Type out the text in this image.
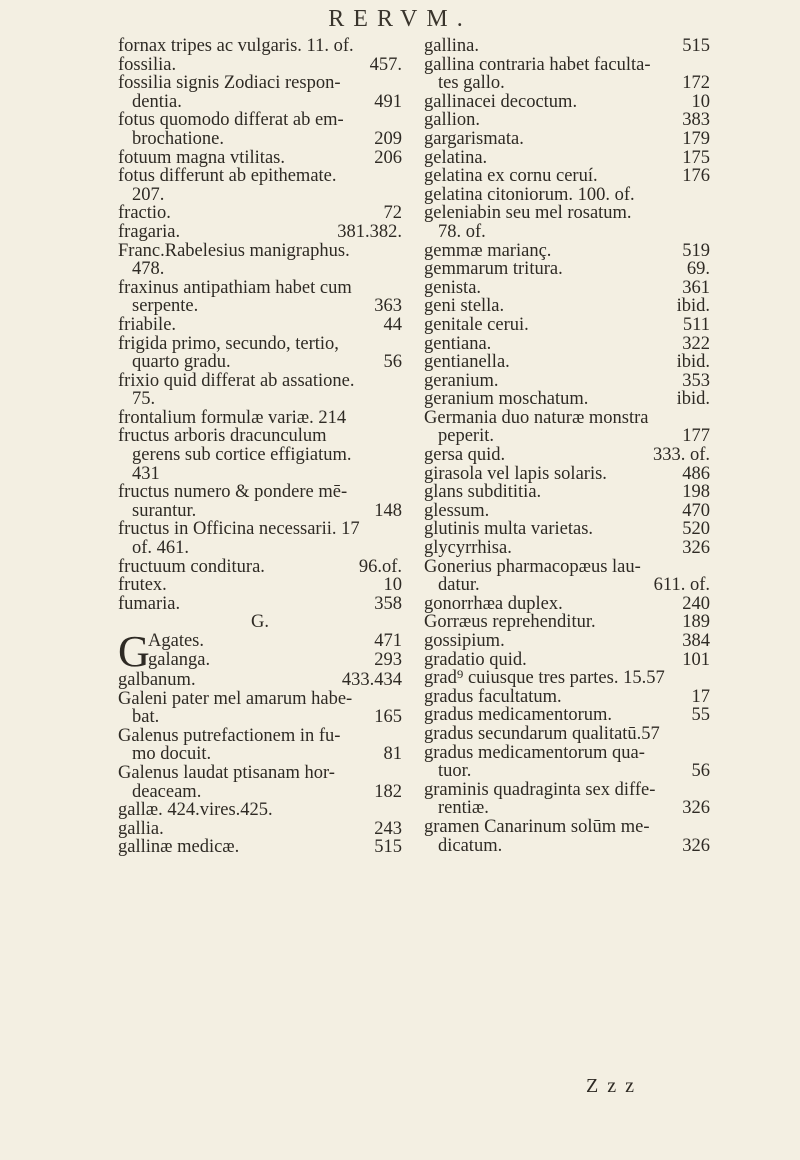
RERVM.
fornax tripes ac vulgaris. 11. of.
fossilia.	457.
fossilia signis Zodiaci respon-
dentia.	491
fotus quomodo differat ab em-
brochatione.	209
fotuum magna vtilitas.	206
fotus differunt ab epithemate.
207.
fractio.	72
fragaria.	381.382.
Franc.Rabelesius manigraphus.
478.
fraxinus antipathiam habet cum
serpente.	363
friabile.	44
frigida primo, secundo, tertio,
quarto gradu.	56
frixio quid differat ab assatione.
75.
frontalium formulæ variæ. 214
fructus arboris dracunculum
gerens sub cortice effigiatum.
431
fructus numero & pondere mē-
surantur.	148
fructus in Officina necessarii. 17
of. 461.
fructuum conditura.	96.of.
frutex.	10
fumaria.	358
G.
G
Agates.	471
galanga.	293
galbanum.	433.434
Galeni pater mel amarum habe-
bat.	165
Galenus putrefactionem in fu-
mo docuit.	81
Galenus laudat ptisanam hor-
deaceam.	182
gallæ. 424.vires.425.
gallia.	243
gallinæ medicæ.	515
gallina.	515
gallina contraria habet faculta-
tes gallo.	172
gallinacei decoctum.	10
gallion.	383
gargarismata.	179
gelatina.	175
gelatina ex cornu ceruí.	176
gelatina citoniorum. 100. of.
geleniabin seu mel rosatum.
78. of.
gemmæ marianç.	519
gemmarum tritura.	69.
genista.	361
geni stella.	ibid.
genitale cerui.	511
gentiana.	322
gentianella.	ibid.
geranium.	353
geranium moschatum.	ibid.
Germania duo naturæ monstra
peperit.	177
gersa quid.	333. of.
girasola vel lapis solaris.	486
glans subdititia.	198
glessum.	470
glutinis multa varietas.	520
glycyrrhisa.	326
Gonerius pharmacopæus lau-
datur.	611. of.
gonorrhæa duplex.	240
Gorræus reprehenditur.	189
gossipium.	384
gradatio quid.	101
grad⁹ cuiusque tres partes. 15.57
gradus facultatum.	17
gradus medicamentorum.	55
gradus secundarum qualitatū.57
gradus medicamentorum qua-
tuor.	56
graminis quadraginta sex diffe-
rentiæ.	326
gramen Canarinum solūm me-
dicatum.	326
Z z z
